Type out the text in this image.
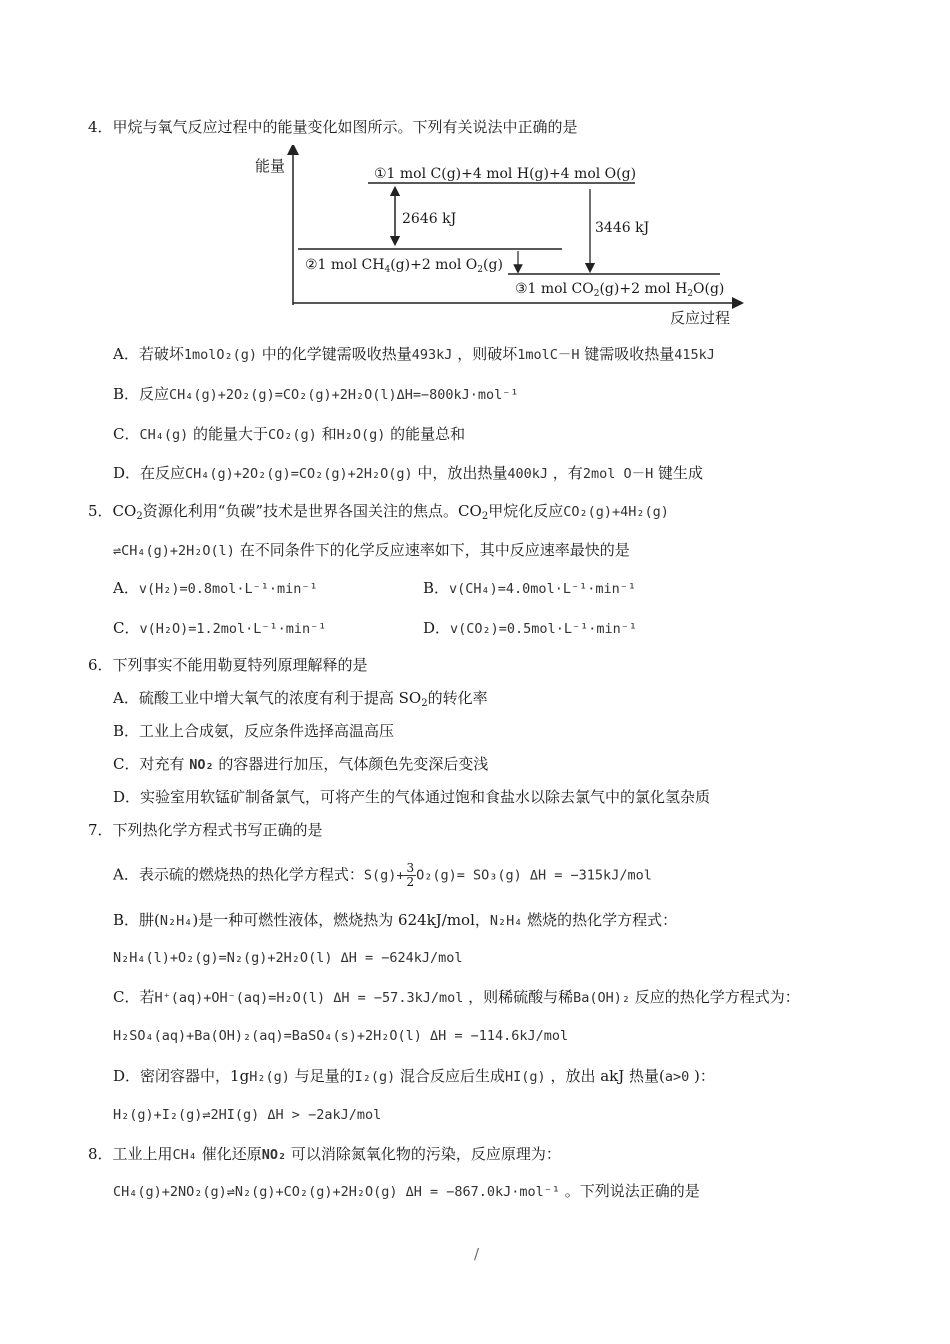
4．甲烷与氧气反应过程中的能量变化如图所示。下列有关说法中正确的是
能量
反应过程
①1 mol C(g)+4 mol H(g)+4 mol O(g)
②1 mol $CH_4(g)+2$ mol $O_2(g)$
③1 mol $CO_2(g)+2$ mol $H_2O(g)$
2646 kJ
3446 kJ
A．若破坏1molO₂(g) 中的化学键需吸收热量493kJ ，则破坏1molC－H 键需吸收热量415kJ
B．反应CH₄(g)+2O₂(g)=CO₂(g)+2H₂O(l)ΔH=−800kJ·mol⁻¹
C．CH₄(g) 的能量大于CO₂(g) 和H₂O(g) 的能量总和
D．在反应CH₄(g)+2O₂(g)=CO₂(g)+2H₂O(g) 中，放出热量400kJ ，有2mol O－H 键生成
5．$CO_2$资源化利用“负碳”技术是世界各国关注的焦点。$CO_2$甲烷化反应CO₂(g)+4H₂(g)
⇌CH₄(g)+2H₂O(l) 在不同条件下的化学反应速率如下，其中反应速率最快的是
A．v(H₂)=0.8mol·L⁻¹·min⁻¹	B．v(CH₄)=4.0mol·L⁻¹·min⁻¹
C．v(H₂O)=1.2mol·L⁻¹·min⁻¹	D．v(CO₂)=0.5mol·L⁻¹·min⁻¹
6．下列事实不能用勒夏特列原理解释的是
A．硫酸工业中增大氧气的浓度有利于提高 $SO_2$的转化率
B．工业上合成氨，反应条件选择高温高压
C．对充有 NO₂ 的容器进行加压，气体颜色先变深后变浅
D．实验室用软锰矿制备氯气，可将产生的气体通过饱和食盐水以除去氯气中的氯化氢杂质
7．下列热化学方程式书写正确的是
A．表示硫的燃烧热的热化学方程式：$S(g)+ \frac{3}{2} O_2(g)= SO_3(g) \Delta H = -315kJ/mol$
B．肼(N₂H₄)是一种可燃性液体，燃烧热为 624kJ/mol，N₂H₄ 燃烧的热化学方程式：
N₂H₄(l)+O₂(g)=N₂(g)+2H₂O(l) ΔH = −624kJ/mol
C．若H⁺(aq)+OH⁻(aq)=H₂O(l) ΔH = −57.3kJ/mol ，则稀硫酸与稀Ba(OH)₂ 反应的热化学方程式为：
H₂SO₄(aq)+Ba(OH)₂(aq)=BaSO₄(s)+2H₂O(l) ΔH = −114.6kJ/mol
D．密闭容器中，1gH₂(g) 与足量的I₂(g) 混合反应后生成HI(g) ，放出 akJ 热量(a>0 )：
H₂(g)+I₂(g)⇌2HI(g) ΔH > −2akJ/mol
8．工业上用CH₄ 催化还原NO₂ 可以消除氮氧化物的污染，反应原理为：
CH₄(g)+2NO₂(g)⇌N₂(g)+CO₂(g)+2H₂O(g) ΔH = −867.0kJ·mol⁻¹ 。下列说法正确的是
/
